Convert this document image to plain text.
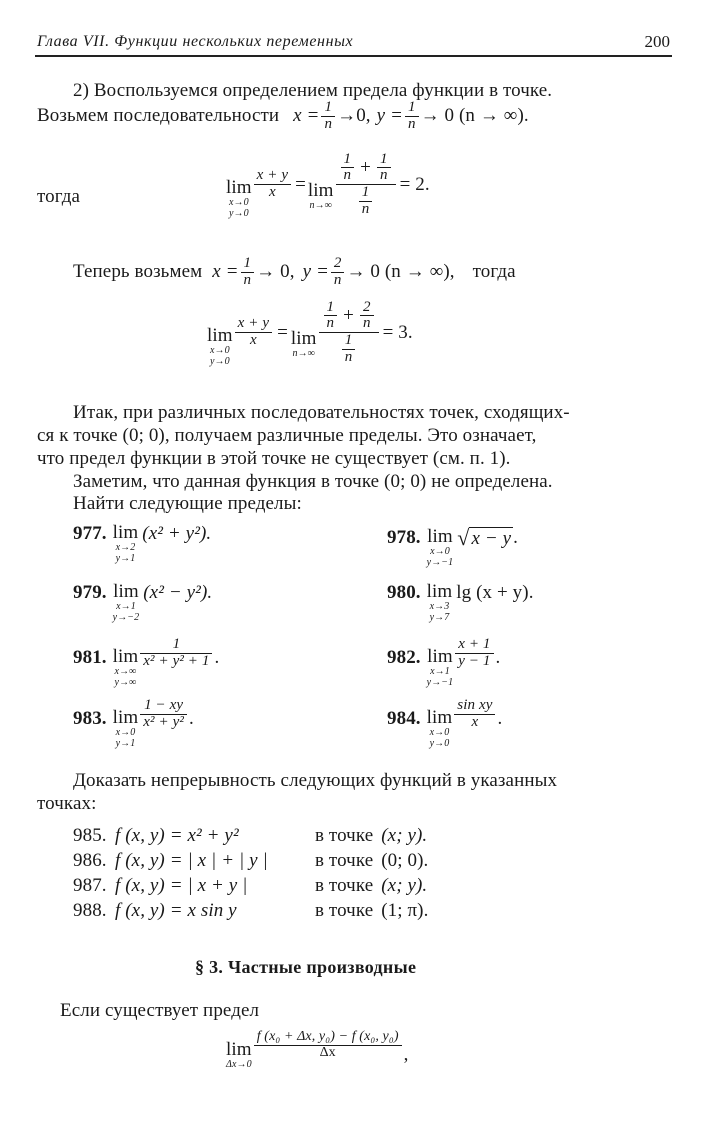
Глава VII. Функции нескольких переменных	200
2) Воспользуемся определением предела функции в точке.
Возьмем последовательности $x = \frac{1}{n} \to 0$, $y = \frac{1}{n} \to 0$ (n → ∞).
тогда	lim
x→0
y→0
$\frac{x + y}{x} = \lim$
n→∞
$\frac{1}{n} + \frac{1}{n}$
$\frac{1}{n}$
= 2.
Теперь возьмем $x = \frac{1}{n} \to 0$, $y = \frac{2}{n} \to 0$ (n → ∞), тогда
lim
x→0
y→0
$\frac{x + y}{x} = \lim$
n→∞
$\frac{1}{n} + \frac{2}{n}$
$\frac{1}{n}$
= 3.
Итак, при различных последовательностях точек, сходящих-
ся к точке (0; 0), получаем различные пределы. Это означает,
что предел функции в этой точке не существует (см. п. 1).
Заметим, что данная функция в точке (0; 0) не определена.
Найти следующие пределы:
977. lim
x→2
y→1
(x² + y²).	978. lim
x→0
y→−1
√ x − y .
979. lim
x→1
y→−2
(x² − y²).	980. lim
x→3
y→7
lg (x + y).
981. lim
x→∞
y→∞
$\frac{1}{\text{x² + y² + 1}}$ .	982. lim
x→1
y→−1
$\frac{x + 1}{y - 1}$ .
983. lim
x→0
y→1
$\frac{1 - xy}{\text{x² + y²}}$ .	984. lim
x→0
y→0
$\frac{\text{sin xy}}{x}$ .
Доказать непрерывность следующих функций в указанных
точках:
985. f (x, y) = x² + y²	в точке (x; y).
986. f (x, y) = | x | + | y |	в точке (0; 0).
987. f (x, y) = | x + y |	в точке (x; y).
988. f (x, y) = x sin y	в точке (1; π).
§ 3. Частные производные
Если существует предел
lim
Δx→0
$\frac{\text{f (x₀ + Δx, y₀) − f (x₀, y₀)}}{\Delta x}$ ,
